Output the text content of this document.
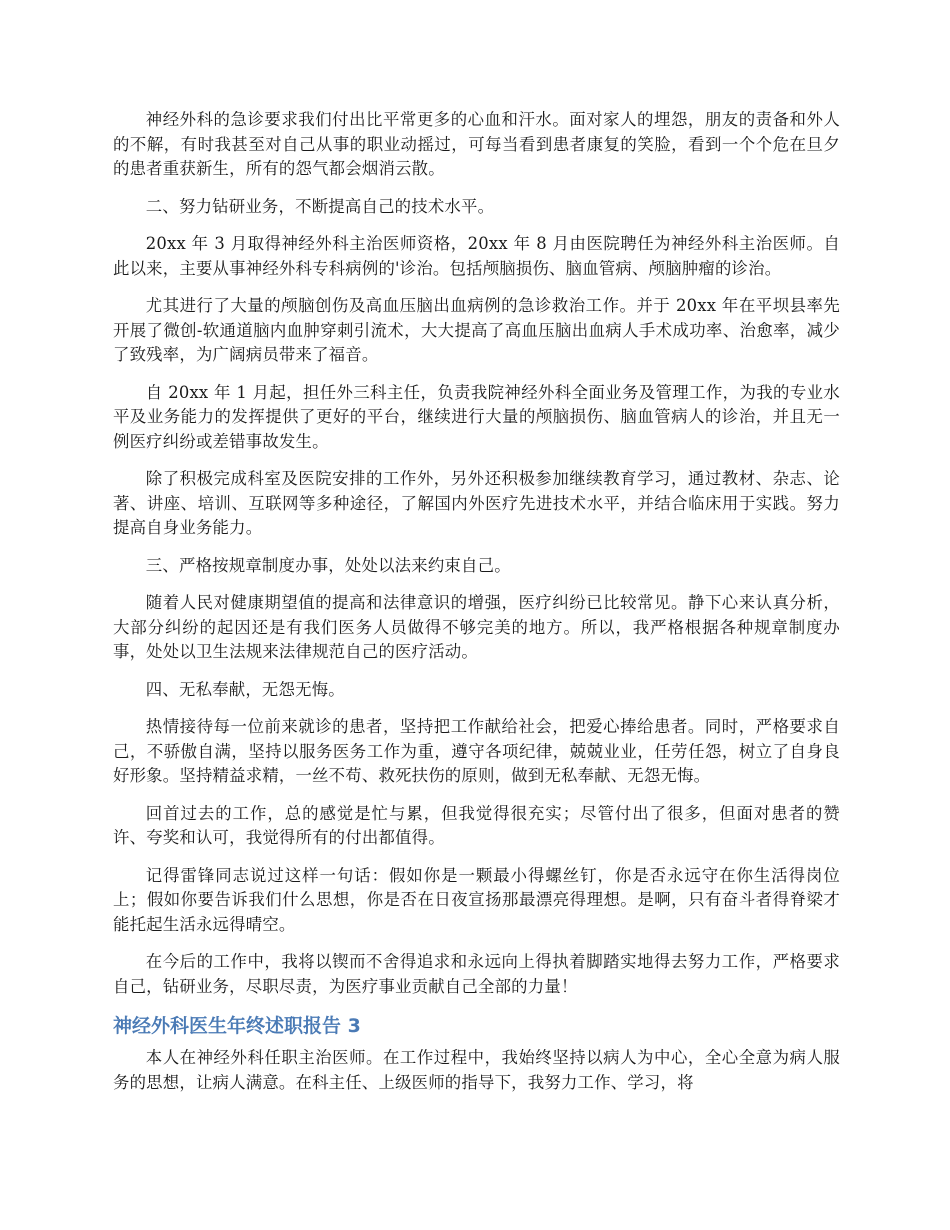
神经外科的急诊要求我们付出比平常更多的心血和汗水。面对家人的埋怨，朋友的责备和外人的不解，有时我甚至对自己从事的职业动摇过，可每当看到患者康复的笑脸，看到一个个危在旦夕的患者重获新生，所有的怨气都会烟消云散。

二、努力钻研业务，不断提高自己的技术水平。

20xx 年 3 月取得神经外科主治医师资格，20xx 年 8 月由医院聘任为神经外科主治医师。自此以来，主要从事神经外科专科病例的'诊治。包括颅脑损伤、脑血管病、颅脑肿瘤的诊治。

尤其进行了大量的颅脑创伤及高血压脑出血病例的急诊救治工作。并于 20xx 年在平坝县率先开展了微创-软通道脑内血肿穿刺引流术，大大提高了高血压脑出血病人手术成功率、治愈率，减少了致残率，为广阔病员带来了福音。

自 20xx 年 1 月起，担任外三科主任，负责我院神经外科全面业务及管理工作，为我的专业水平及业务能力的发挥提供了更好的平台，继续进行大量的颅脑损伤、脑血管病人的诊治，并且无一例医疗纠纷或差错事故发生。

除了积极完成科室及医院安排的工作外，另外还积极参加继续教育学习，通过教材、杂志、论著、讲座、培训、互联网等多种途径，了解国内外医疗先进技术水平，并结合临床用于实践。努力提高自身业务能力。

三、严格按规章制度办事，处处以法来约束自己。

随着人民对健康期望值的提高和法律意识的增强，医疗纠纷已比较常见。静下心来认真分析，大部分纠纷的起因还是有我们医务人员做得不够完美的地方。所以，我严格根据各种规章制度办事，处处以卫生法规来法律规范自己的医疗活动。

四、无私奉献，无怨无悔。

热情接待每一位前来就诊的患者，坚持把工作献给社会，把爱心捧给患者。同时，严格要求自己，不骄傲自满，坚持以服务医务工作为重，遵守各项纪律，兢兢业业，任劳任怨，树立了自身良好形象。坚持精益求精，一丝不苟、救死扶伤的原则，做到无私奉献、无怨无悔。

回首过去的工作，总的感觉是忙与累，但我觉得很充实；尽管付出了很多，但面对患者的赞许、夸奖和认可，我觉得所有的付出都值得。

记得雷锋同志说过这样一句话：假如你是一颗最小得螺丝钉，你是否永远守在你生活得岗位上；假如你要告诉我们什么思想，你是否在日夜宣扬那最漂亮得理想。是啊，只有奋斗者得脊梁才能托起生活永远得晴空。

在今后的工作中，我将以锲而不舍得追求和永远向上得执着脚踏实地得去努力工作，严格要求自己，钻研业务，尽职尽责，为医疗事业贡献自己全部的力量！

神经外科医生年终述职报告 3

本人在神经外科任职主治医师。在工作过程中，我始终坚持以病人为中心，全心全意为病人服务的思想，让病人满意。在科主任、上级医师的指导下，我努力工作、学习，将
